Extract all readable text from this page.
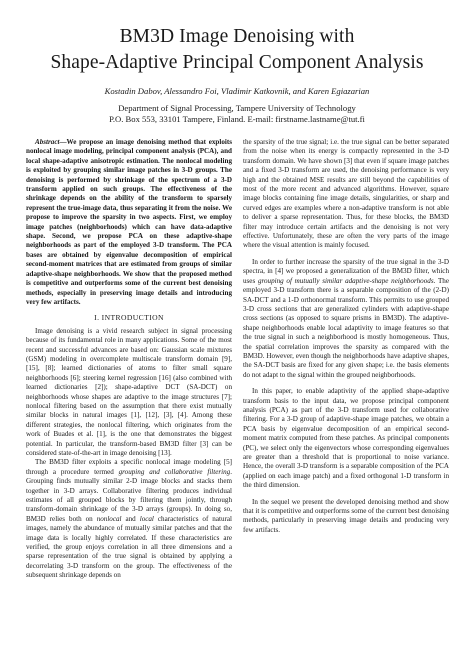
BM3D Image Denoising with
Shape-Adaptive Principal Component Analysis
Kostadin Dabov, Alessandro Foi, Vladimir Katkovnik, and Karen Egiazarian
Department of Signal Processing, Tampere University of Technology
P.O. Box 553, 33101 Tampere, Finland. E-mail: firstname.lastname@tut.fi

Abstract—We propose an image denoising method that exploits nonlocal image modeling, principal component analysis (PCA), and local shape-adaptive anisotropic estimation. The nonlocal modeling is exploited by grouping similar image patches in 3-D groups. The denoising is performed by shrinkage of the spectrum of a 3-D transform applied on such groups. The effectiveness of the shrinkage depends on the ability of the transform to sparsely represent the true-image data, thus separating it from the noise. We propose to improve the sparsity in two aspects. First, we employ image patches (neighborhoods) which can have data-adaptive shape. Second, we propose PCA on these adaptive-shape neighborhoods as part of the employed 3-D transform. The PCA bases are obtained by eigenvalue decomposition of empirical second-moment matrices that are estimated from groups of similar adaptive-shape neighborhoods. We show that the proposed method is competitive and outperforms some of the current best denoising methods, especially in preserving image details and introducing very few artifacts.

I. INTRODUCTION

Image denoising is a vivid research subject in signal processing because of its fundamental role in many applications. Some of the most recent and successful advances are based on: Gaussian scale mixtures (GSM) modeling in overcomplete multiscale transform domain [9], [15], [8]; learned dictionaries of atoms to filter small square neighborhoods [6]; steering kernel regression [16] (also combined with learned dictionaries [2]); shape-adaptive DCT (SA-DCT) on neighborhoods whose shapes are adaptive to the image structures [7]; nonlocal filtering based on the assumption that there exist mutually similar blocks in natural images [1], [12], [3], [4]. Among these different strategies, the nonlocal filtering, which originates from the work of Buades et al. [1], is the one that demonstrates the biggest potential. In particular, the transform-based BM3D filter [3] can be considered state-of-the-art in image denoising [13].

The BM3D filter exploits a specific nonlocal image modeling [5] through a procedure termed grouping and collaborative filtering. Grouping finds mutually similar 2-D image blocks and stacks them together in 3-D arrays. Collaborative filtering produces individual estimates of all grouped blocks by filtering them jointly, through transform-domain shrinkage of the 3-D arrays (groups). In doing so, BM3D relies both on nonlocal and local characteristics of natural images, namely the abundance of mutually similar patches and that the image data is locally highly correlated. If these characteristics are verified, the group enjoys correlation in all three dimensions and a sparse representation of the true signal is obtained by applying a decorrelating 3-D transform on the group. The effectiveness of the subsequent shrinkage depends on

the sparsity of the true signal; i.e. the true signal can be better separated from the noise when its energy is compactly represented in the 3-D transform domain. We have shown [3] that even if square image patches and a fixed 3-D transform are used, the denoising performance is very high and the obtained MSE results are still beyond the capabilities of most of the more recent and advanced algorithms. However, square image blocks containing fine image details, singularities, or sharp and curved edges are examples where a non-adaptive transform is not able to deliver a sparse representation. Thus, for these blocks, the BM3D filter may introduce certain artifacts and the denoising is not very effective. Unfortunately, these are often the very parts of the image where the visual attention is mainly focused.

In order to further increase the sparsity of the true signal in the 3-D spectra, in [4] we proposed a generalization of the BM3D filter, which uses grouping of mutually similar adaptive-shape neighborhoods. The employed 3-D transform there is a separable composition of the (2-D) SA-DCT and a 1-D orthonormal transform. This permits to use grouped 3-D cross sections that are generalized cylinders with adaptive-shape cross sections (as opposed to square prisms in BM3D). The adaptive-shape neighborhoods enable local adaptivity to image features so that the true signal in such a neighborhood is mostly homogeneous. Thus, the spatial correlation improves the sparsity as compared with the BM3D. However, even though the neighborhoods have adaptive shapes, the SA-DCT basis are fixed for any given shape; i.e. the basis elements do not adapt to the signal within the grouped neighborhoods.

In this paper, to enable adaptivity of the applied shape-adaptive transform basis to the input data, we propose principal component analysis (PCA) as part of the 3-D transform used for collaborative filtering. For a 3-D group of adaptive-shape image patches, we obtain a PCA basis by eigenvalue decomposition of an empirical second-moment matrix computed from these patches. As principal components (PC), we select only the eigenvectors whose corresponding eigenvalues are greater than a threshold that is proportional to noise variance. Hence, the overall 3-D transform is a separable composition of the PCA (applied on each image patch) and a fixed orthogonal 1-D transform in the third dimension.

In the sequel we present the developed denoising method and show that it is competitive and outperforms some of the current best denoising methods, particularly in preserving image details and producing very few artifacts.
